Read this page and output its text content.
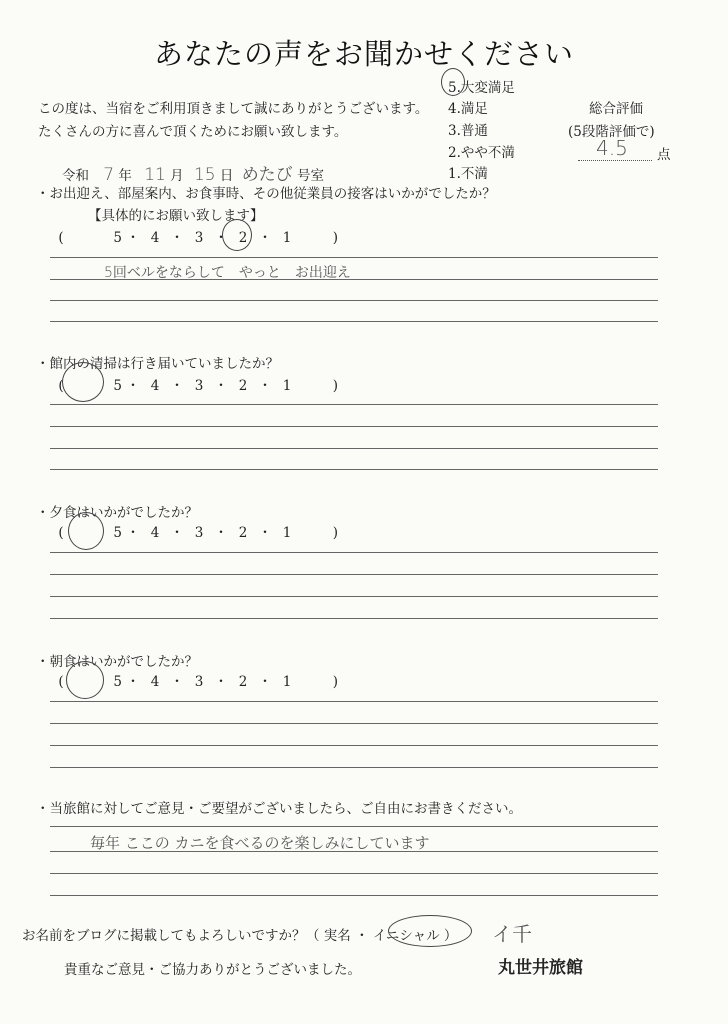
あなたの声をお聞かせください
この度は、当宿をご利用頂きまして誠にありがとうございます。
たくさんの方に喜んで頂くためにお願い致します。
5.大変満足
4.満足
3.普通
2.やや不満
1.不満
総合評価
(5段階評価で)
4.5 点
令和 7 年 11 月 15 日 めたび 号室
・お出迎え、部屋案内、お食事時、その他従業員の接客はいかがでしたか？
【具体的にお願い致します】
(	5 ・ 4 ・ 3 ・ 2 ・ 1	)
5回ベルをならして　やっと　お出迎え
・館内の清掃は行き届いていましたか？
(	5 ・ 4 ・ 3 ・ 2 ・ 1	)
・夕食はいかがでしたか？
(	5 ・ 4 ・ 3 ・ 2 ・ 1	)
・朝食はいかがでしたか？
(	5 ・ 4 ・ 3 ・ 2 ・ 1	)
・当旅館に対してご意見・ご要望がございましたら、ご自由にお書きください。
毎年 ここの カニを食べるのを楽しみにしています
お名前をブログに掲載してもよろしいですか？ （ 実名 ・ イニシャル ） イ千
貴重なご意見・ご協力ありがとうございました。	丸世井旅館
